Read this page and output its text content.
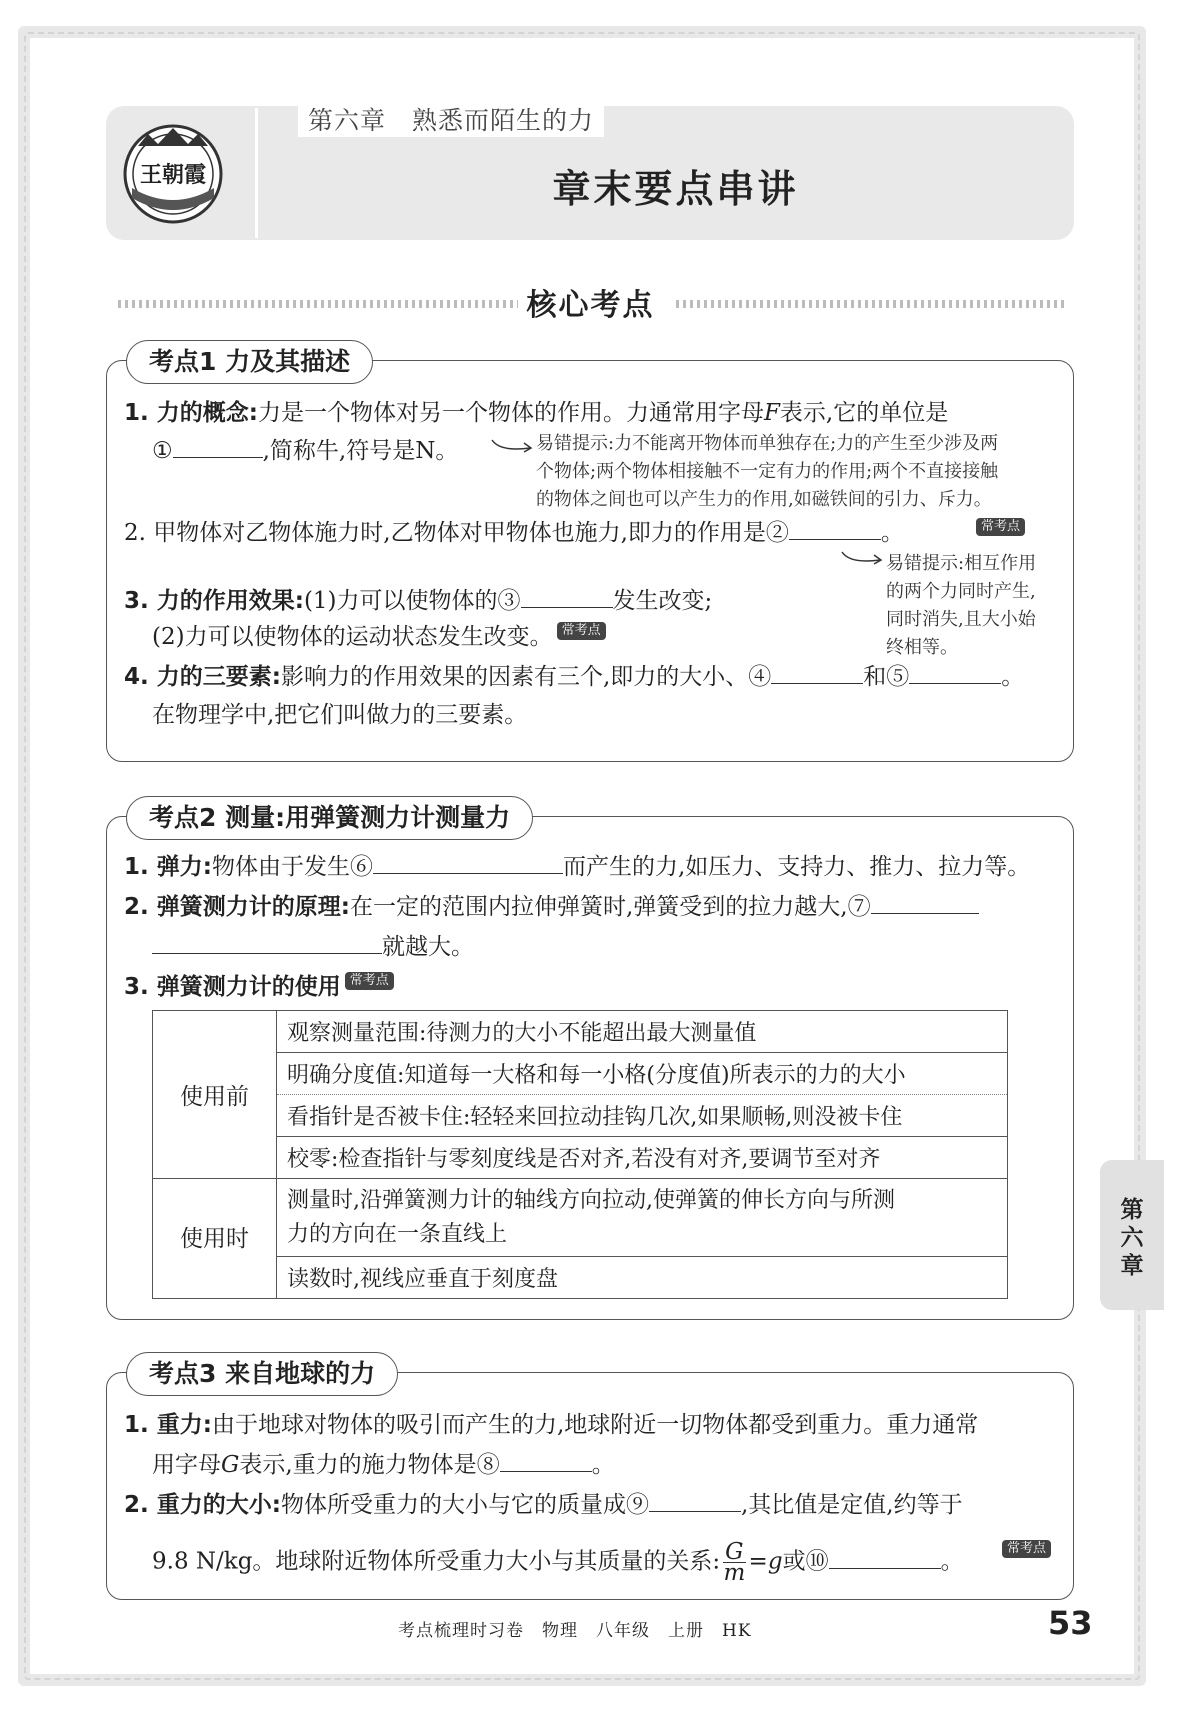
王朝霞
第六章　熟悉而陌生的力
章末要点串讲
核心考点
考点1 力及其描述
1. 力的概念:力是一个物体对另一个物体的作用。力通常用字母F表示,它的单位是
①	,简称牛,符号是N。	易错提示:力不能离开物体而单独存在;力的产生至少涉及两
个物体;两个物体相接触不一定有力的作用;两个不直接接触
的物体之间也可以产生力的作用,如磁铁间的引力、斥力。
2. 甲物体对乙物体施力时,乙物体对甲物体也施力,即力的作用是②	。	常考点
易错提示:相互作用
的两个力同时产生,
同时消失,且大小始
终相等。
3. 力的作用效果:(1)力可以使物体的③	发生改变;
(2)力可以使物体的运动状态发生改变。 常考点
4. 力的三要素:影响力的作用效果的因素有三个,即力的大小、④	和⑤	。
在物理学中,把它们叫做力的三要素。
考点2 测量:用弹簧测力计测量力
1. 弹力:物体由于发生⑥	而产生的力,如压力、支持力、推力、拉力等。
2. 弹簧测力计的原理:在一定的范围内拉伸弹簧时,弹簧受到的拉力越大,⑦
就越大。
3. 弹簧测力计的使用 常考点
使用前	观察测量范围:待测力的大小不能超出最大测量值
	明确分度值:知道每一大格和每一小格(分度值)所表示的力的大小
	看指针是否被卡住:轻轻来回拉动挂钩几次,如果顺畅,则没被卡住
	校零:检查指针与零刻度线是否对齐,若没有对齐,要调节至对齐
使用时	测量时,沿弹簧测力计的轴线方向拉动,使弹簧的伸长方向与所测
力的方向在一条直线上

	读数时,视线应垂直于刻度盘
考点3 来自地球的力
1. 重力:由于地球对物体的吸引而产生的力,地球附近一切物体都受到重力。重力通常
用字母G表示,重力的施力物体是⑧	。
2. 重力的大小:物体所受重力的大小与它的质量成⑨	,其比值是定值,约等于
9.8 N/kg。地球附近物体所受重力大小与其质量的关系: $\frac{G}{m} =g$或⑩	。	常考点
第
六
章
考点梳理时习卷　物理　八年级　上册　HK	53
